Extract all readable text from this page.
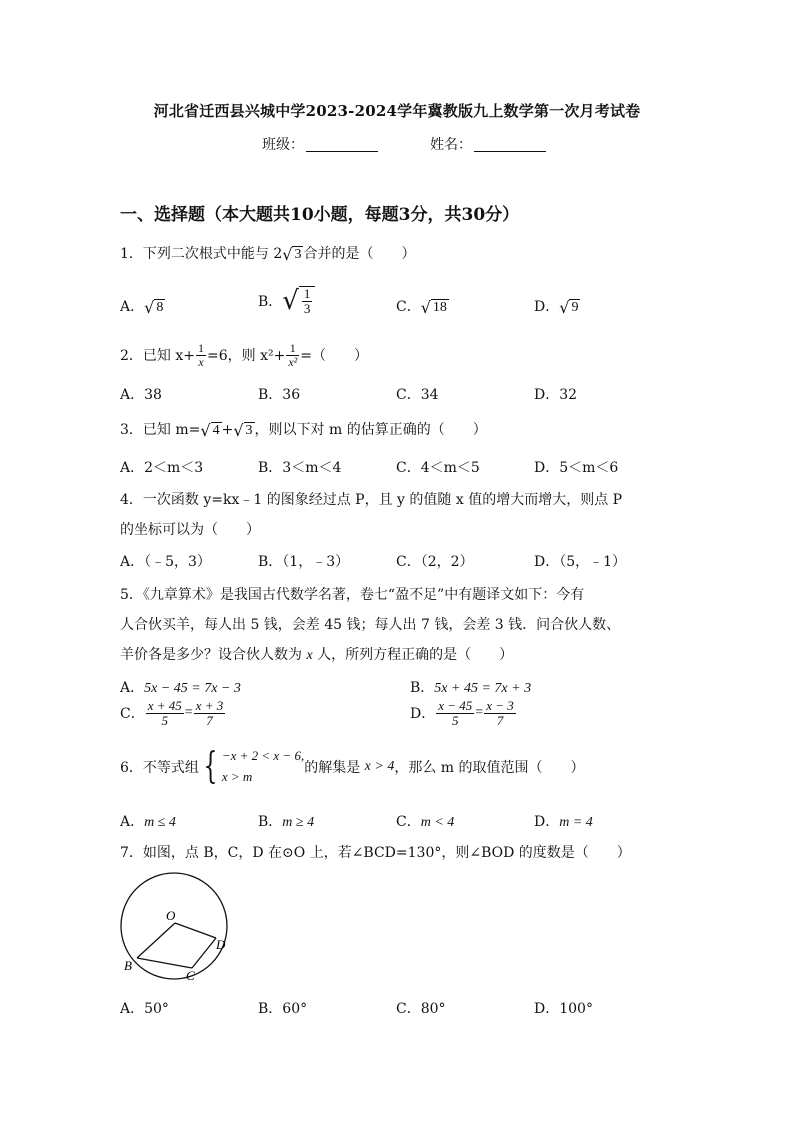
河北省迁西县兴城中学2023-2024学年冀教版九上数学第一次月考试卷
班级：	姓名：
一、选择题（本大题共10小题，每题3分，共30分）
1．下列二次根式中能与 2√ 3 合并的是（　　）
A．√ 8	B．√ $\frac{1}{3}$	C．√ 18	D．√ 9
2．已知 $x+ \frac{1}{x} =6$，则 $x^2+ \frac{1}{\text{x²}}$ =（　　）
A．38	B．36	C．34	D．32
3．已知 m=√ 4 +√ 3 ，则以下对 m 的估算正确的（　　）
A．2＜m＜3	B．3＜m＜4	C．4＜m＜5	D．5＜m＜6
4．一次函数 y=kx﹣1 的图象经过点 P，且 y 的值随 x 值的增大而增大，则点 P
的坐标可以为（　　）
A．（﹣5，3）	B．（1，﹣3）	C．（2，2）	D．（5，﹣1）
5．《九章算术》是我国古代数学名著，卷七“盈不足”中有题译文如下：今有
人合伙买羊，每人出 5 钱，会差 45 钱；每人出 7 钱，会差 3 钱．问合伙人数、
羊价各是多少？设合伙人数为 x 人，所列方程正确的是（　　）
A．5x − 45 = 7x − 3	B．5x + 45 = 7x + 3
C． $\frac{x + 45}{5} = \frac{x + 3}{7}$	D． $\frac{x - 45}{5} = \frac{x - 3}{7}$
6．不等式组 { −x + 2 < x − 6,
x > m
的解集是 x > 4，那么 m 的取值范围（　　）
A．m ≤ 4	B．m ≥ 4	C．m < 4	D．m = 4
7．如图，点 B，C，D 在⊙O 上，若∠BCD=130°，则∠BOD 的度数是（　　）
O
D
B
C
A．50°	B．60°	C．80°	D．100°
